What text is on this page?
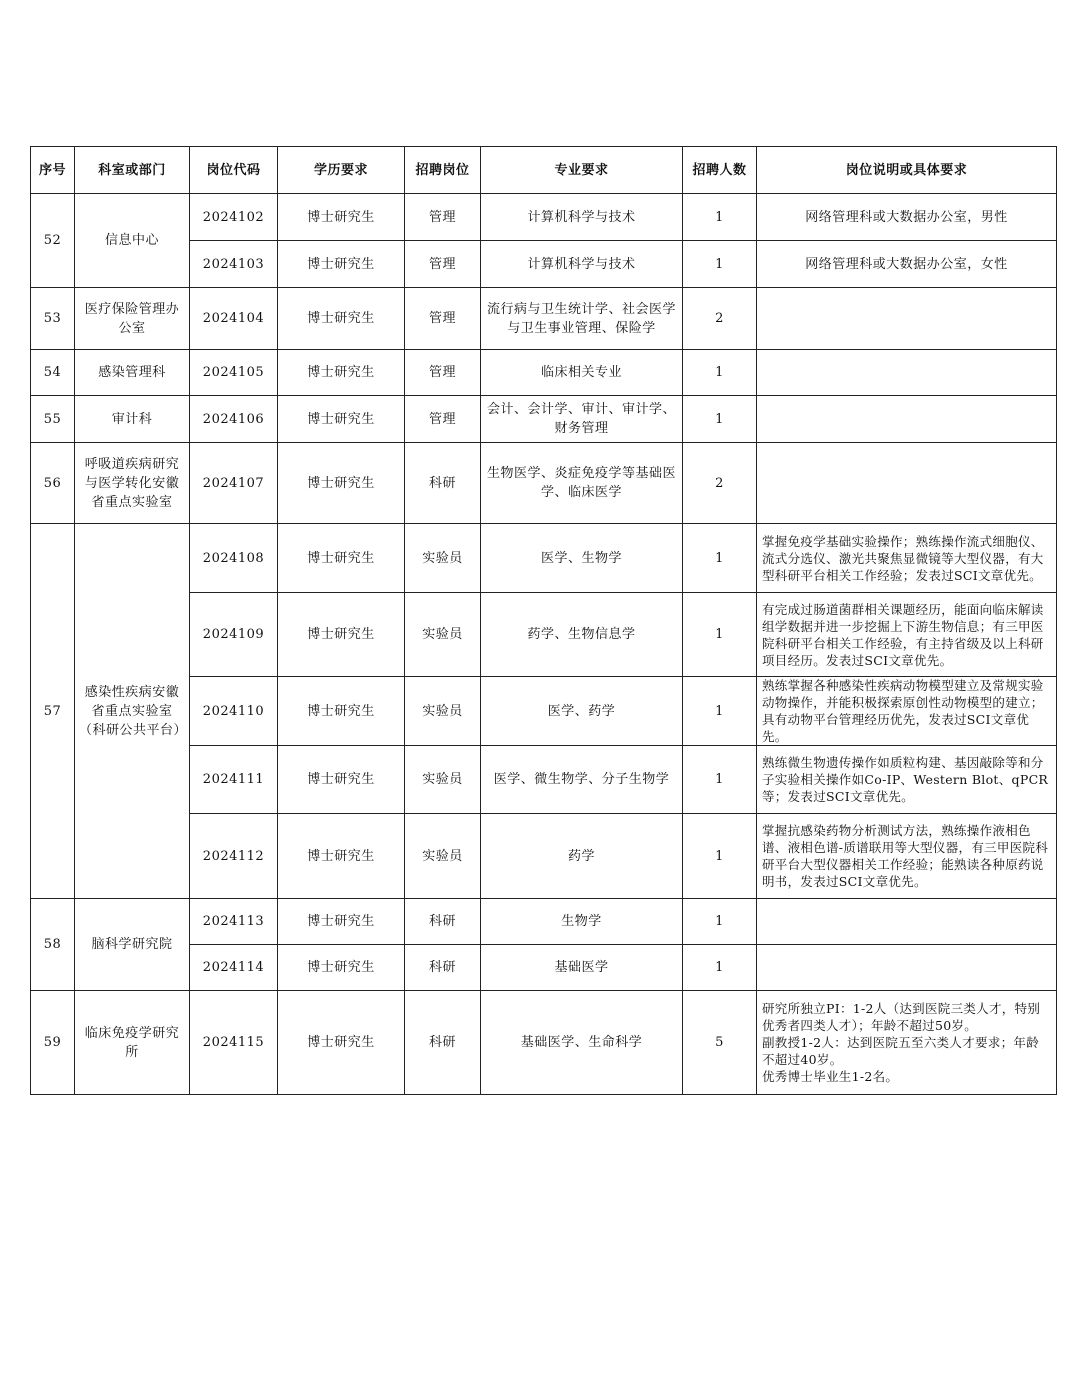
序号	科室或部门	岗位代码	学历要求	招聘岗位	专业要求	招聘人数	岗位说明或具体要求
52	信息中心	2024102	博士研究生	管理	计算机科学与技术	1	网络管理科或大数据办公室，男性
		2024103	博士研究生	管理	计算机科学与技术	1	网络管理科或大数据办公室，女性
53	医疗保险管理办公室	2024104	博士研究生	管理	流行病与卫生统计学、社会医学与卫生事业管理、保险学	2	
54	感染管理科	2024105	博士研究生	管理	临床相关专业	1	
55	审计科	2024106	博士研究生	管理	会计、会计学、审计、审计学、财务管理	1	
56	呼吸道疾病研究与医学转化安徽省重点实验室	2024107	博士研究生	科研	生物医学、炎症免疫学等基础医学、临床医学	2	
57	感染性疾病安徽省重点实验室（科研公共平台）	2024108	博士研究生	实验员	医学、生物学	1	掌握免疫学基础实验操作；熟练操作流式细胞仪、流式分选仪、激光共聚焦显微镜等大型仪器，有大型科研平台相关工作经验；发表过SCI文章优先。
		2024109	博士研究生	实验员	药学、生物信息学	1	有完成过肠道菌群相关课题经历，能面向临床解读组学数据并进一步挖掘上下游生物信息；有三甲医院科研平台相关工作经验，有主持省级及以上科研项目经历。发表过SCI文章优先。
		2024110	博士研究生	实验员	医学、药学	1	熟练掌握各种感染性疾病动物模型建立及常规实验动物操作，并能积极探索原创性动物模型的建立；具有动物平台管理经历优先，发表过SCI文章优先。
		2024111	博士研究生	实验员	医学、微生物学、分子生物学	1	熟练微生物遗传操作如质粒构建、基因敲除等和分子实验相关操作如Co-IP、Western Blot、qPCR等；发表过SCI文章优先。
		2024112	博士研究生	实验员	药学	1	掌握抗感染药物分析测试方法，熟练操作液相色谱、液相色谱-质谱联用等大型仪器，有三甲医院科研平台大型仪器相关工作经验；能熟读各种原药说明书，发表过SCI文章优先。
58	脑科学研究院	2024113	博士研究生	科研	生物学	1	
		2024114	博士研究生	科研	基础医学	1	
59	临床免疫学研究所	2024115	博士研究生	科研	基础医学、生命科学	5	研究所独立PI：1-2人（达到医院三类人才，特别优秀者四类人才）；年龄不超过50岁。
副教授1-2人：达到医院五至六类人才要求；年龄不超过40岁。
优秀博士毕业生1-2名。
